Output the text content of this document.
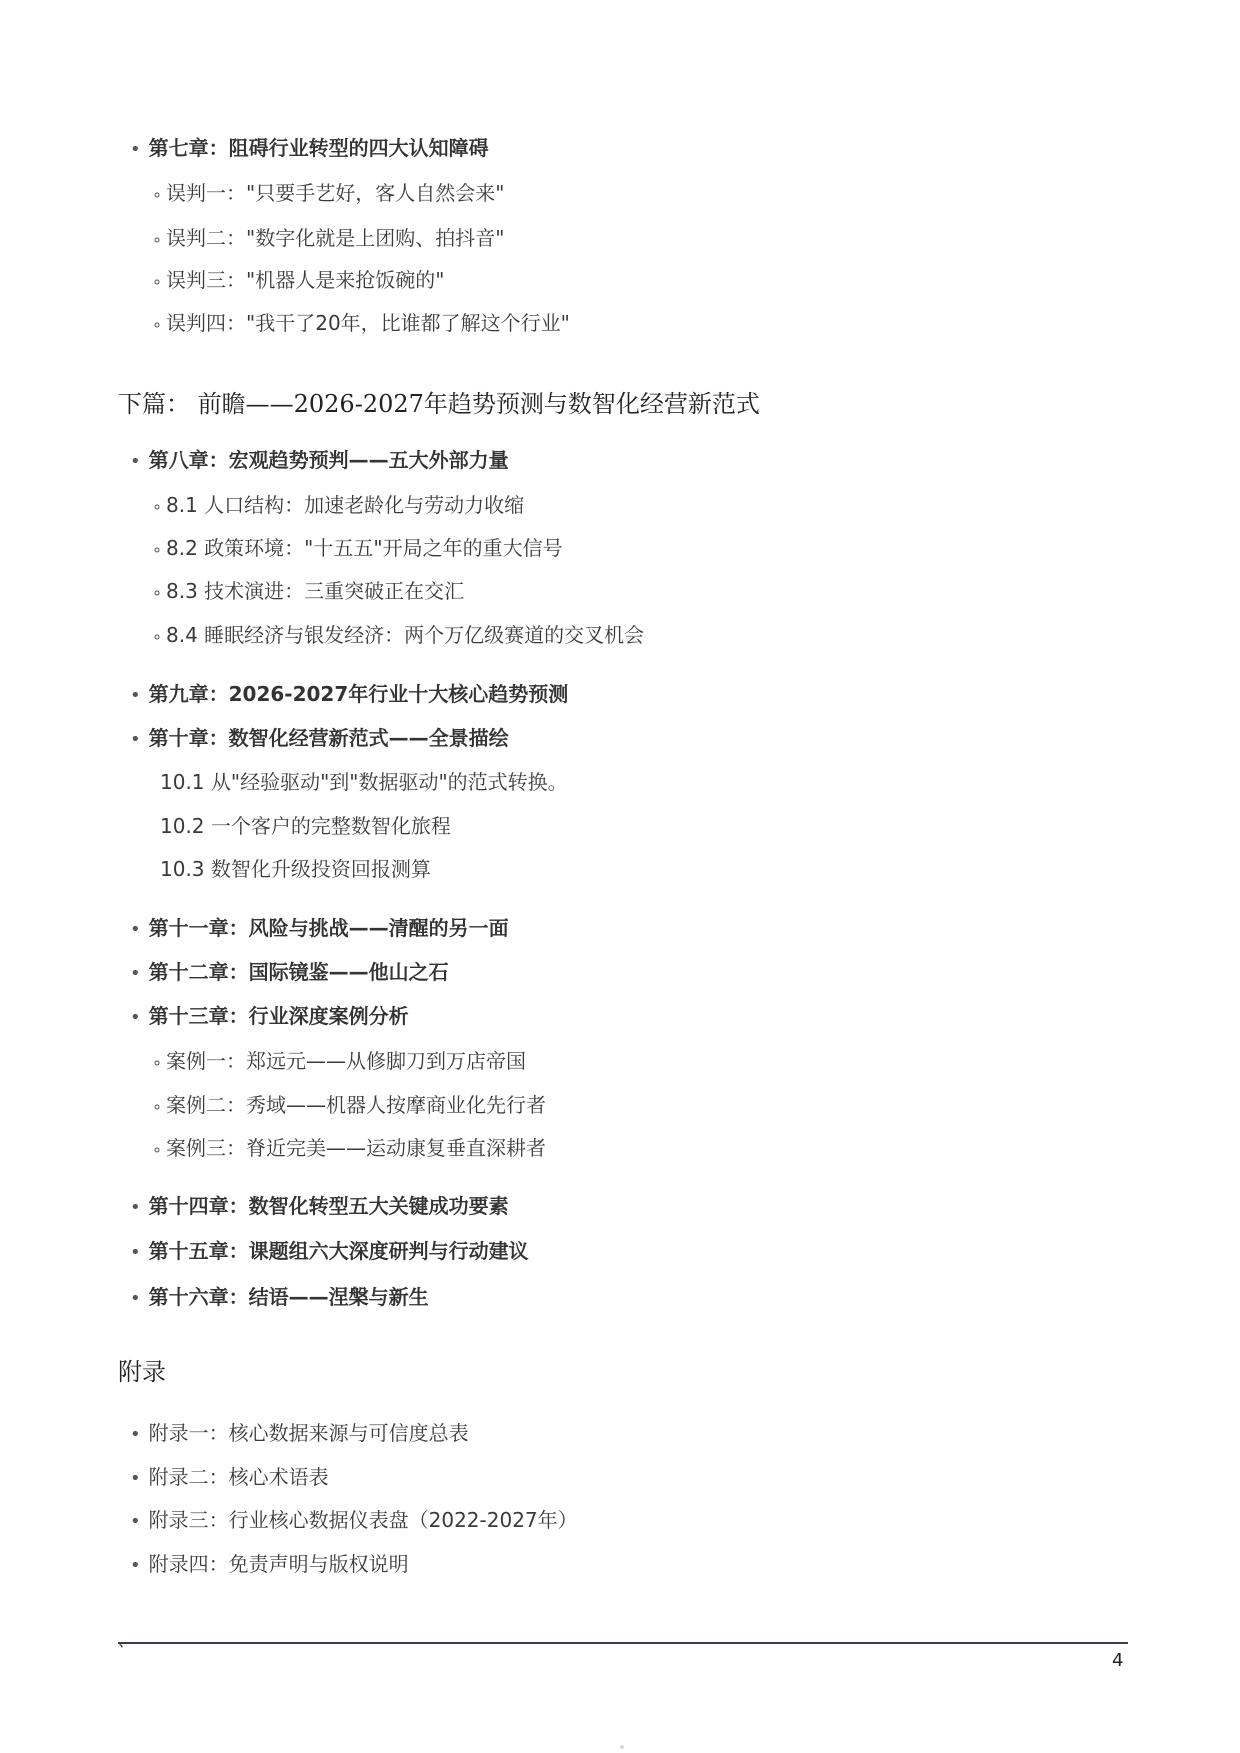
• 第七章：阻碍行业转型的四大认知障碍
∘ 误判一："只要手艺好，客人自然会来"
∘ 误判二："数字化就是上团购、拍抖音"
∘ 误判三："机器人是来抢饭碗的"
∘ 误判四："我干了20年，比谁都了解这个行业"
下篇： 前瞻——2026-2027年趋势预测与数智化经营新范式
• 第八章：宏观趋势预判——五大外部力量
∘ 8.1 人口结构：加速老龄化与劳动力收缩
∘ 8.2 政策环境："十五五"开局之年的重大信号
∘ 8.3 技术演进：三重突破正在交汇
∘ 8.4 睡眠经济与银发经济：两个万亿级赛道的交叉机会
• 第九章：2026-2027年行业十大核心趋势预测
• 第十章：数智化经营新范式——全景描绘
10.1 从"经验驱动"到"数据驱动"的范式转换。
10.2 一个客户的完整数智化旅程
10.3 数智化升级投资回报测算
• 第十一章：风险与挑战——清醒的另一面
• 第十二章：国际镜鉴——他山之石
• 第十三章：行业深度案例分析
∘ 案例一：郑远元——从修脚刀到万店帝国
∘ 案例二：秀域——机器人按摩商业化先行者
∘ 案例三：脊近完美——运动康复垂直深耕者
• 第十四章：数智化转型五大关键成功要素
• 第十五章：课题组六大深度研判与行动建议
• 第十六章：结语——涅槃与新生
附录
• 附录一：核心数据来源与可信度总表
• 附录二：核心术语表
• 附录三：行业核心数据仪表盘（2022-2027年）
• 附录四：免责声明与版权说明
、
4
